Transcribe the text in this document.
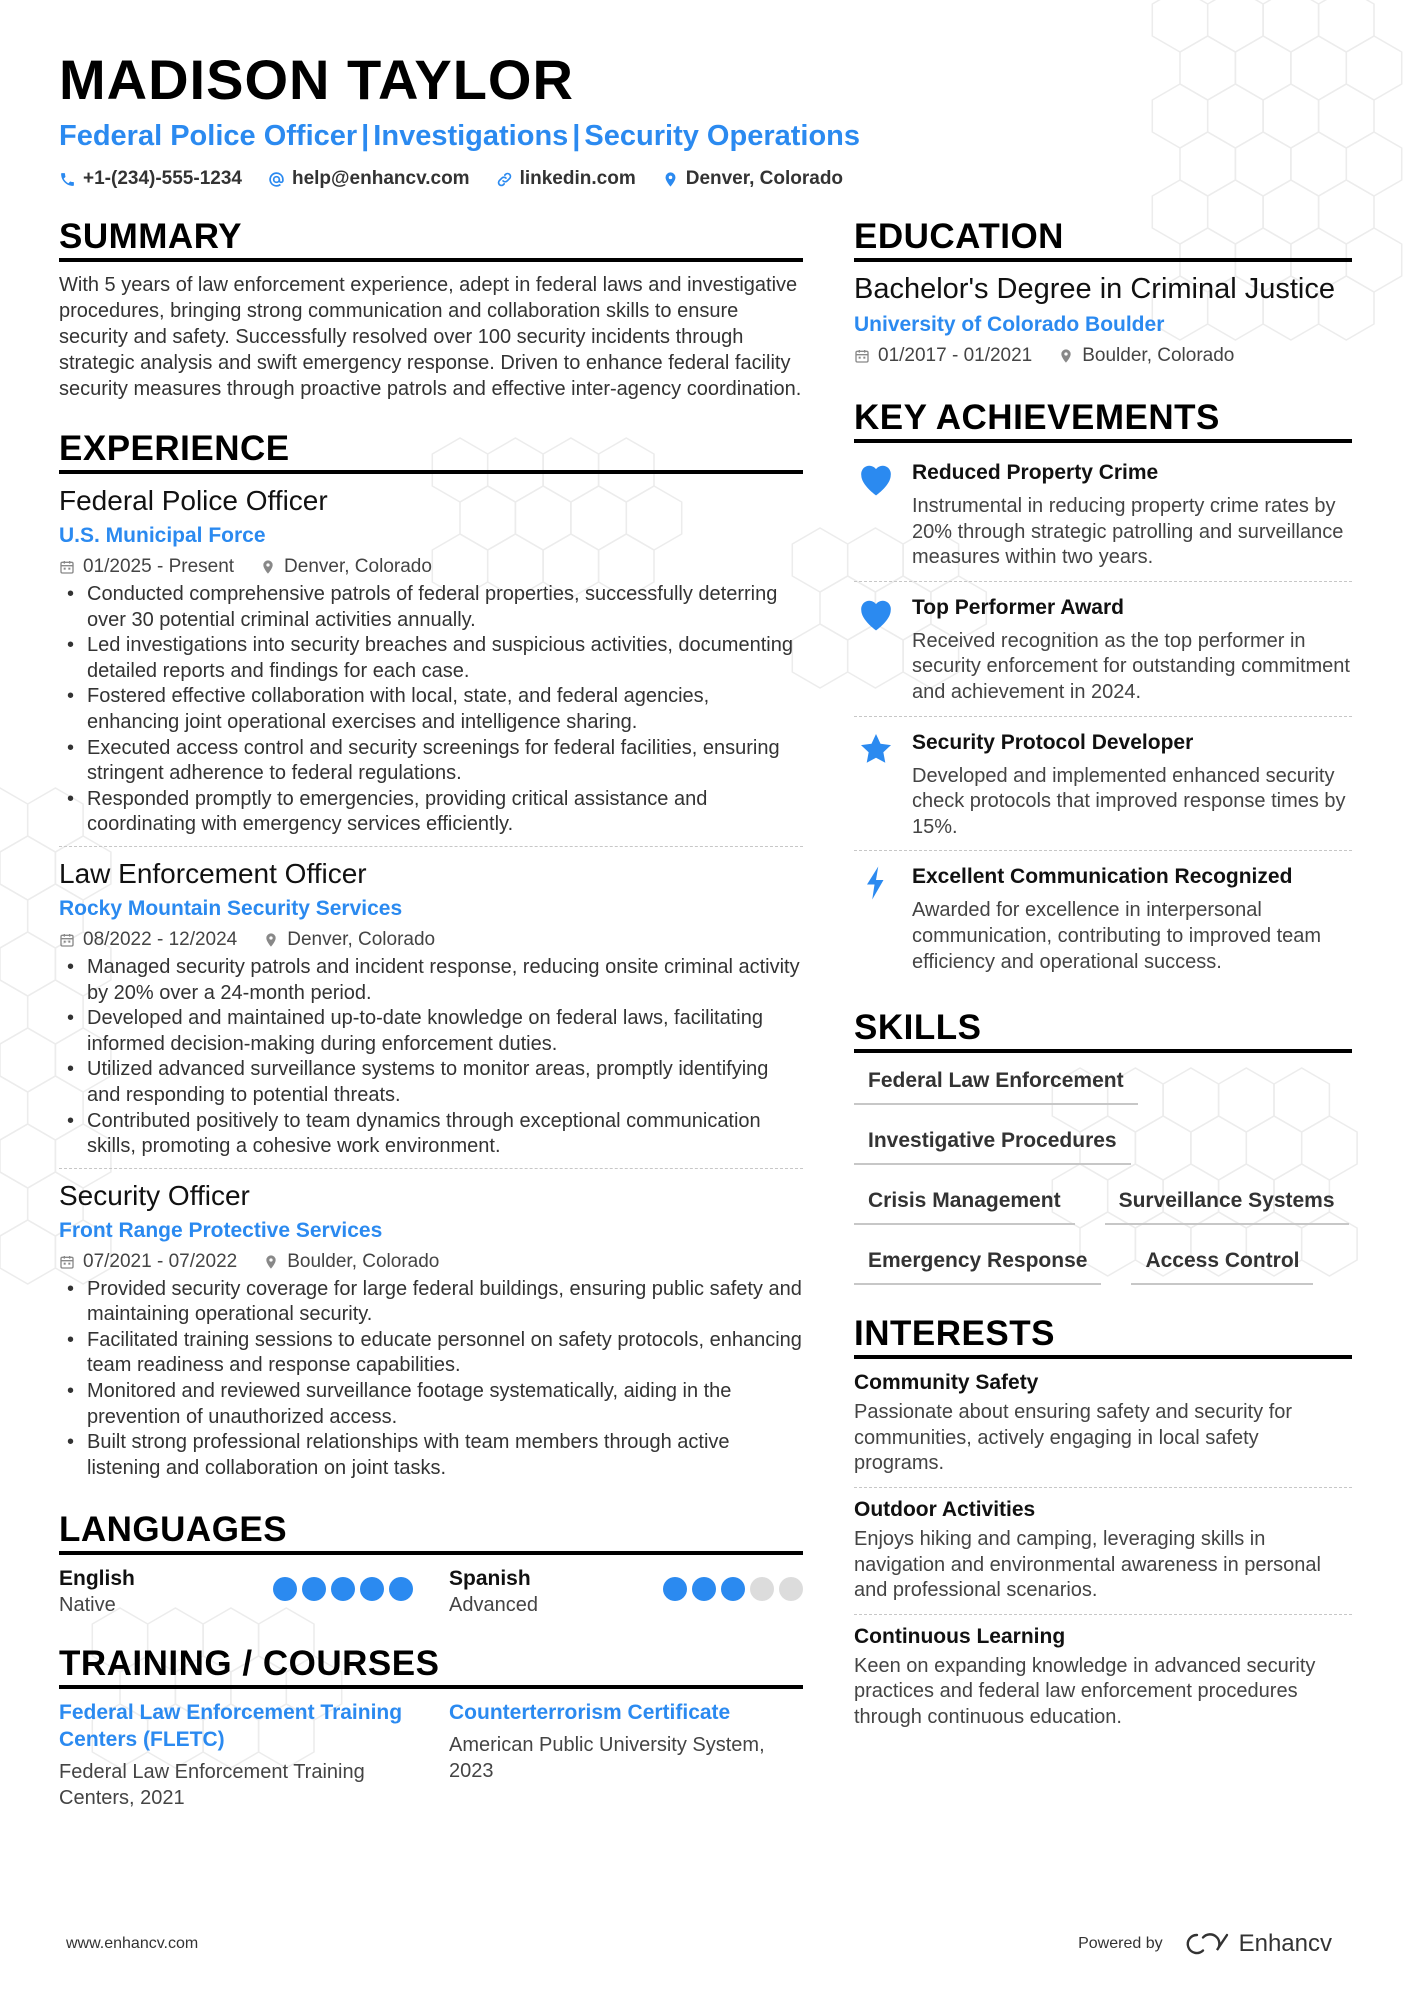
MADISON TAYLOR
Federal Police Officer | Investigations | Security Operations
+1-(234)-555-1234	help@enhancv.com	linkedin.com	Denver, Colorado
SUMMARY
With 5 years of law enforcement experience, adept in federal laws and investigative procedures, bringing strong communication and collaboration skills to ensure security and safety. Successfully resolved over 100 security incidents through strategic analysis and swift emergency response. Driven to enhance federal facility security measures through proactive patrols and effective inter-agency coordination.
EXPERIENCE
Federal Police Officer
U.S. Municipal Force
01/2025 - Present	Denver, Colorado
• Conducted comprehensive patrols of federal properties, successfully deterring over 30 potential criminal activities annually.
• Led investigations into security breaches and suspicious activities, documenting detailed reports and findings for each case.
• Fostered effective collaboration with local, state, and federal agencies, enhancing joint operational exercises and intelligence sharing.
• Executed access control and security screenings for federal facilities, ensuring stringent adherence to federal regulations.
• Responded promptly to emergencies, providing critical assistance and coordinating with emergency services efficiently.
Law Enforcement Officer
Rocky Mountain Security Services
08/2022 - 12/2024	Denver, Colorado
• Managed security patrols and incident response, reducing onsite criminal activity by 20% over a 24-month period.
• Developed and maintained up-to-date knowledge on federal laws, facilitating informed decision-making during enforcement duties.
• Utilized advanced surveillance systems to monitor areas, promptly identifying and responding to potential threats.
• Contributed positively to team dynamics through exceptional communication skills, promoting a cohesive work environment.
Security Officer
Front Range Protective Services
07/2021 - 07/2022	Boulder, Colorado
• Provided security coverage for large federal buildings, ensuring public safety and maintaining operational security.
• Facilitated training sessions to educate personnel on safety protocols, enhancing team readiness and response capabilities.
• Monitored and reviewed surveillance footage systematically, aiding in the prevention of unauthorized access.
• Built strong professional relationships with team members through active listening and collaboration on joint tasks.
LANGUAGES
English
Native
Spanish
Advanced
TRAINING / COURSES
Federal Law Enforcement Training Centers (FLETC)
Federal Law Enforcement Training Centers, 2021
Counterterrorism Certificate
American Public University System, 2023
EDUCATION
Bachelor's Degree in Criminal Justice
University of Colorado Boulder
01/2017 - 01/2021	Boulder, Colorado
KEY ACHIEVEMENTS
Reduced Property Crime
Instrumental in reducing property crime rates by 20% through strategic patrolling and surveillance measures within two years.
Top Performer Award
Received recognition as the top performer in security enforcement for outstanding commitment and achievement in 2024.
Security Protocol Developer
Developed and implemented enhanced security check protocols that improved response times by 15%.
Excellent Communication Recognized
Awarded for excellence in interpersonal communication, contributing to improved team efficiency and operational success.
SKILLS
Federal Law Enforcement
Investigative Procedures
Crisis Management	Surveillance Systems
Emergency Response	Access Control
INTERESTS
Community Safety
Passionate about ensuring safety and security for communities, actively engaging in local safety programs.
Outdoor Activities
Enjoys hiking and camping, leveraging skills in navigation and environmental awareness in personal and professional scenarios.
Continuous Learning
Keen on expanding knowledge in advanced security practices and federal law enforcement procedures through continuous education.
www.enhancv.com	Powered by	Enhancv
